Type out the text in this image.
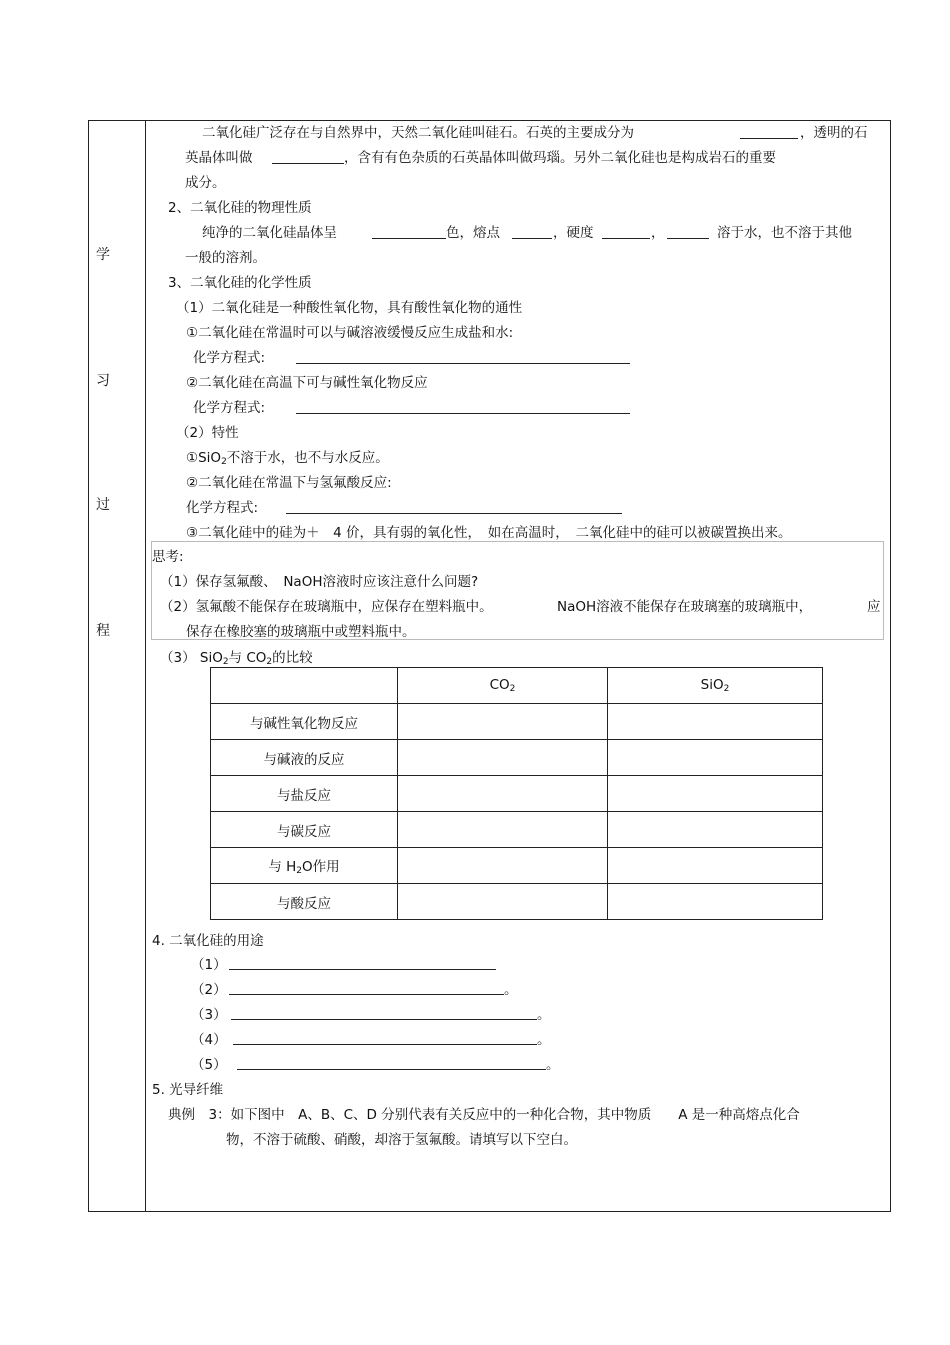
学
习
过
程
二氧化硅广泛存在与自然界中，天然二氧化硅叫硅石。石英的主要成分为	，透明的石
英晶体叫做	，含有有色杂质的石英晶体叫做玛瑙。另外二氧化硅也是构成岩石的重要
成分。
2、二氧化硅的物理性质
纯净的二氧化硅晶体呈	色，熔点	，硬度	，	溶于水，也不溶于其他
一般的溶剂。
3、二氧化硅的化学性质
（1）二氧化硅是一种酸性氧化物，具有酸性氧化物的通性
①二氧化硅在常温时可以与碱溶液缓慢反应生成盐和水:
化学方程式:
②二氧化硅在高温下可与碱性氧化物反应
化学方程式:
（2）特性
①SiO$_2$不溶于水，也不与水反应。
②二氧化硅在常温下与氢氟酸反应:
化学方程式:
③二氧化硅中的硅为＋　4 价，具有弱的氧化性，　如在高温时，　二氧化硅中的硅可以被碳置换出来。
思考:
（1）保存氢氟酸、　NaOH溶液时应该注意什么问题?
（2）氢氟酸不能保存在玻璃瓶中，应保存在塑料瓶中。	NaOH溶液不能保存在玻璃塞的玻璃瓶中，	应
保存在橡胶塞的玻璃瓶中或塑料瓶中。
（3） SiO$_2$与 $CO_2$的比较
	$CO_2$	SiO$_2$
与碱性氧化物反应		
与碱液的反应		
与盐反应		
与碳反应		
与 $H_2O$作用		
与酸反应		
4. 二氧化硅的用途
（1）
（2）	。
（3）	。
（4）	。
（5）	。
5. 光导纤维
典例　3：如下图中　A、B、C、D 分别代表有关反应中的一种化合物，其中物质　　A 是一种高熔点化合
物，不溶于硫酸、硝酸，却溶于氢氟酸。请填写以下空白。
